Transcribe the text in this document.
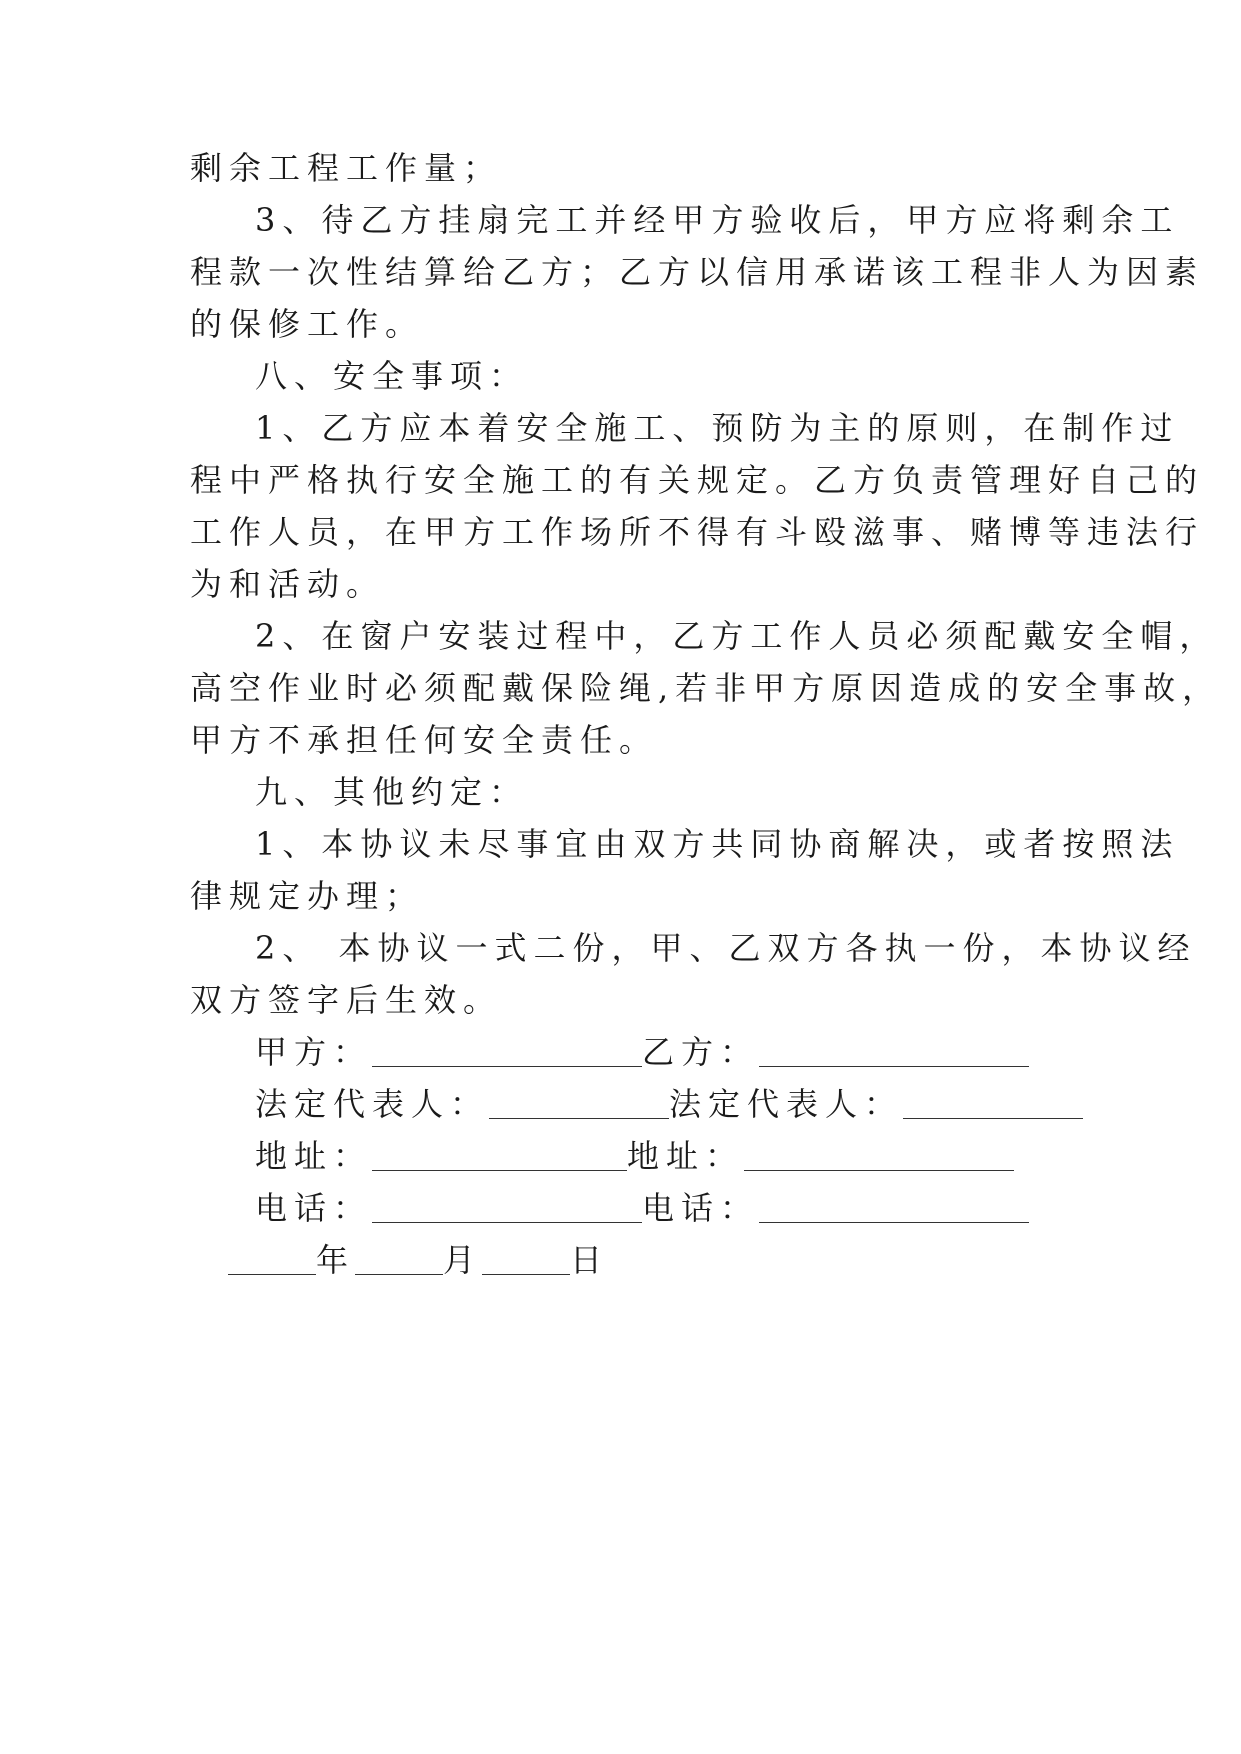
剩余工程工作量；
3、待乙方挂扇完工并经甲方验收后，甲方应将剩余工
程款一次性结算给乙方；乙方以信用承诺该工程非人为因素
的保修工作。
八、安全事项：
1、乙方应本着安全施工、预防为主的原则，在制作过
程中严格执行安全施工的有关规定。乙方负责管理好自己的
工作人员，在甲方工作场所不得有斗殴滋事、赌博等违法行
为和活动。
2、在窗户安装过程中，乙方工作人员必须配戴安全帽，
高空作业时必须配戴保险绳,若非甲方原因造成的安全事故，
甲方不承担任何安全责任。
九、其他约定：
1、本协议未尽事宜由双方共同协商解决，或者按照法
律规定办理；
2、 本协议一式二份，甲、乙双方各执一份，本协议经
双方签字后生效。
甲方：	乙方：
法定代表人：	法定代表人：
地址：	地址：
电话：	电话：
年	月	日
